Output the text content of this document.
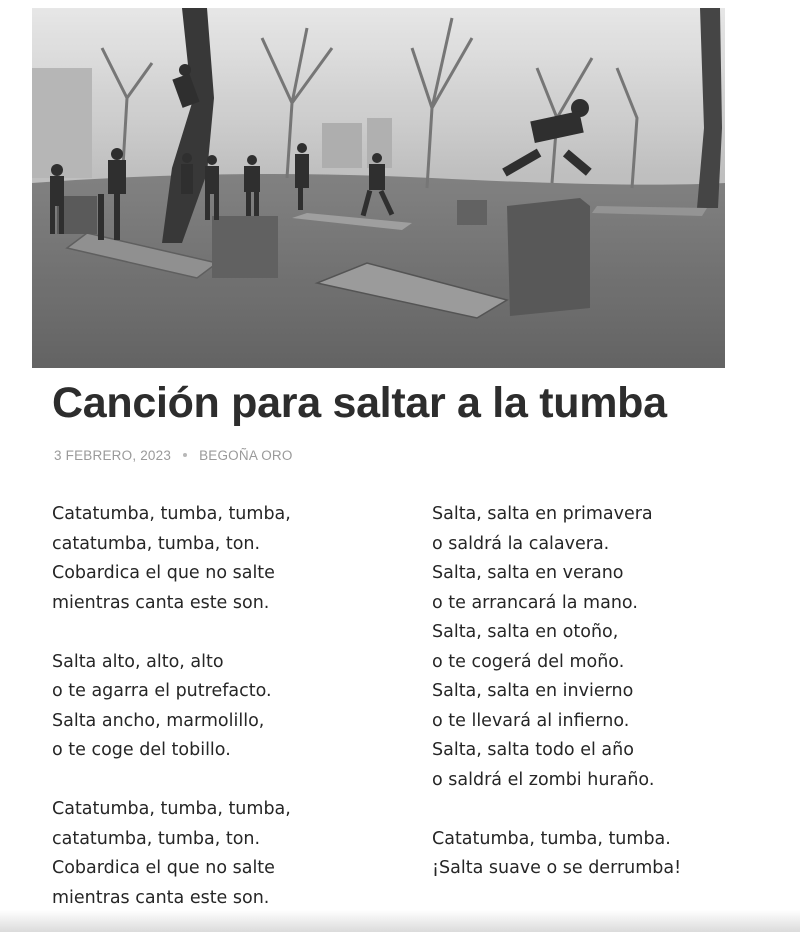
Canción para saltar a la tumba
3 FEBRERO, 2023 BEGOÑA ORO

Catatumba, tumba, tumba,
catatumba, tumba, ton.
Cobardica el que no salte
mientras canta este son.

Salta alto, alto, alto
o te agarra el putrefacto.
Salta ancho, marmolillo,
o te coge del tobillo.

Catatumba, tumba, tumba,
catatumba, tumba, ton.
Cobardica el que no salte
mientras canta este son.

Salta, salta en primavera
o saldrá la calavera.
Salta, salta en verano
o te arrancará la mano.
Salta, salta en otoño,
o te cogerá del moño.
Salta, salta en invierno
o te llevará al infierno.
Salta, salta todo el año
o saldrá el zombi huraño.

Catatumba, tumba, tumba.
¡Salta suave o se derrumba!
